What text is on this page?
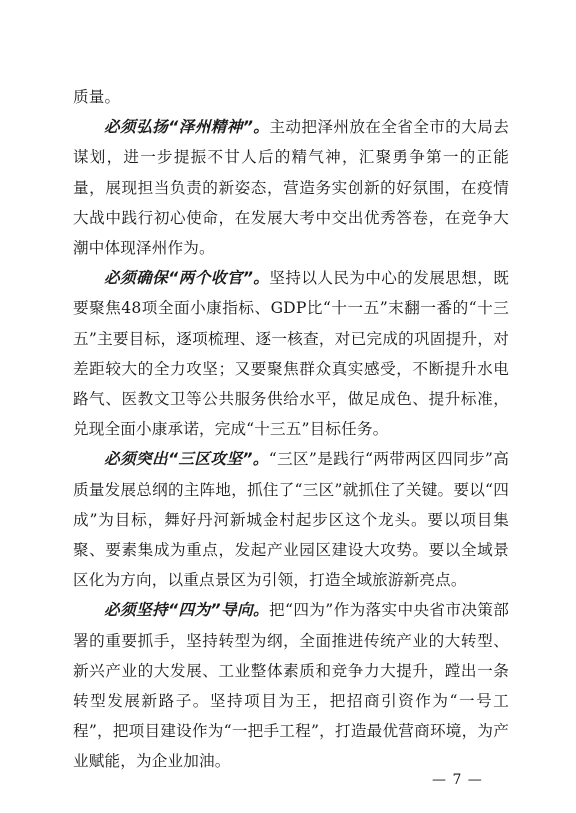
质量。

必须弘扬“泽州精神”。主动把泽州放在全省全市的大局去谋划，进一步提振不甘人后的精气神，汇聚勇争第一的正能量，展现担当负责的新姿态，营造务实创新的好氛围，在疫情大战中践行初心使命，在发展大考中交出优秀答卷，在竞争大潮中体现泽州作为。

必须确保“两个收官”。坚持以人民为中心的发展思想，既要聚焦48项全面小康指标、GDP比“十一五”末翻一番的“十三五”主要目标，逐项梳理、逐一核查，对已完成的巩固提升，对差距较大的全力攻坚；又要聚焦群众真实感受，不断提升水电路气、医教文卫等公共服务供给水平，做足成色、提升标准，兑现全面小康承诺，完成“十三五”目标任务。

必须突出“三区攻坚”。“三区”是践行“两带两区四同步”高质量发展总纲的主阵地，抓住了“三区”就抓住了关键。要以“四成”为目标，舞好丹河新城金村起步区这个龙头。要以项目集聚、要素集成为重点，发起产业园区建设大攻势。要以全域景区化为方向，以重点景区为引领，打造全域旅游新亮点。

必须坚持“四为”导向。把“四为”作为落实中央省市决策部署的重要抓手，坚持转型为纲，全面推进传统产业的大转型、新兴产业的大发展、工业整体素质和竞争力大提升，蹚出一条转型发展新路子。坚持项目为王，把招商引资作为“一号工程”，把项目建设作为“一把手工程”，打造最优营商环境，为产业赋能，为企业加油。

— 7 —
